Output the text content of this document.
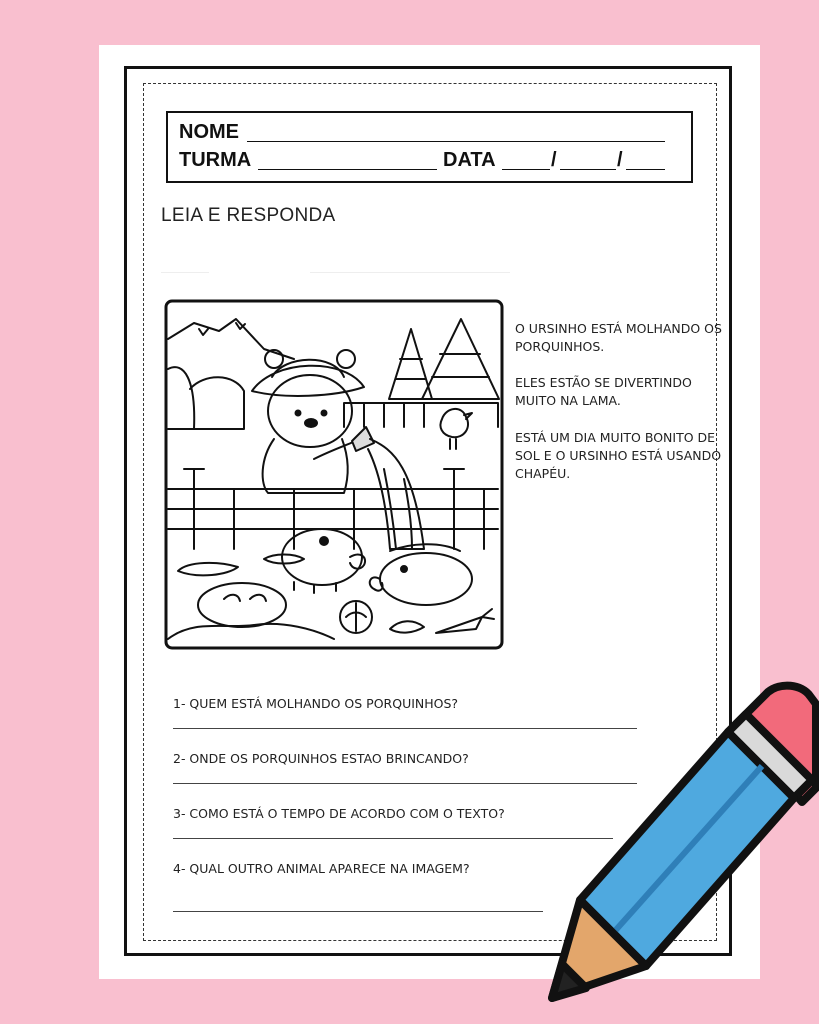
NOME
TURMA	DATA	/	/
LEIA E RESPONDA
O URSINHO ESTÁ MOLHANDO OS PORQUINHOS.
ELES ESTÃO SE DIVERTINDO MUITO NA LAMA.
ESTÁ UM DIA MUITO BONITO DE SOL E O URSINHO ESTÁ USANDO CHAPÉU.
1- QUEM ESTÁ MOLHANDO OS PORQUINHOS?
2- ONDE OS PORQUINHOS ESTAO BRINCANDO?
3- COMO ESTÁ O TEMPO DE ACORDO COM O TEXTO?
4- QUAL OUTRO ANIMAL APARECE NA IMAGEM?
